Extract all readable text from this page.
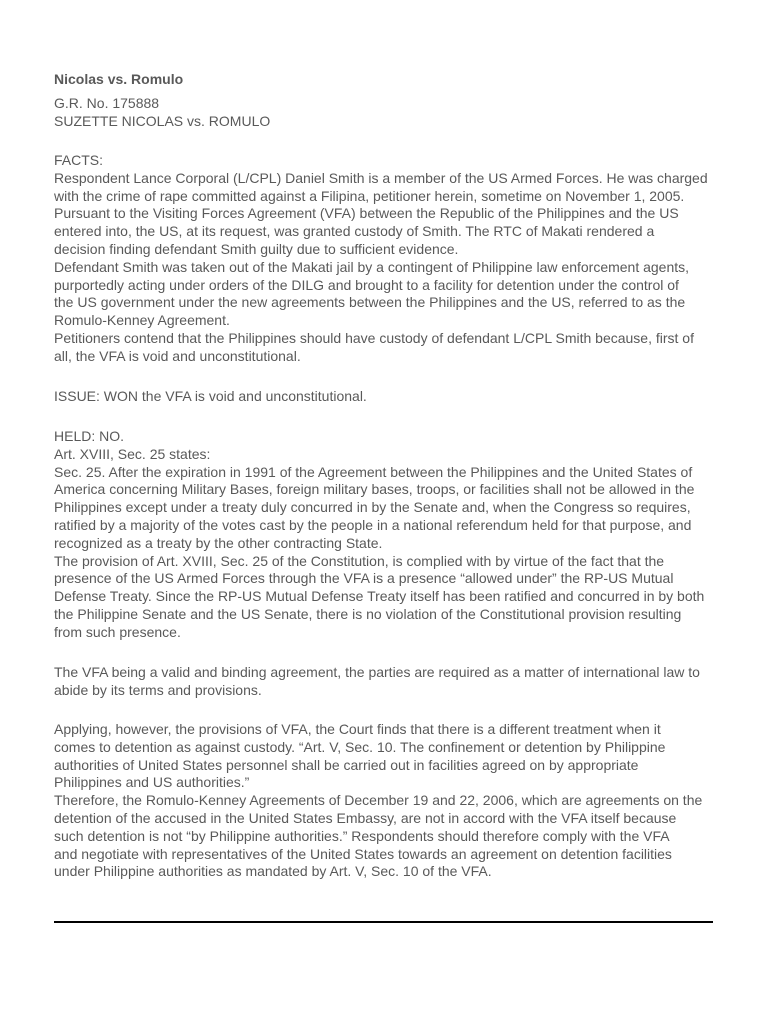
Nicolas vs. Romulo
G.R. No. 175888
SUZETTE NICOLAS vs. ROMULO
FACTS:
Respondent Lance Corporal (L/CPL) Daniel Smith is a member of the US Armed Forces. He was charged
with the crime of rape committed against a Filipina, petitioner herein, sometime on November 1, 2005.
Pursuant to the Visiting Forces Agreement (VFA) between the Republic of the Philippines and the US
entered into, the US, at its request, was granted custody of Smith. The RTC of Makati rendered a
decision finding defendant Smith guilty due to sufficient evidence.
Defendant Smith was taken out of the Makati jail by a contingent of Philippine law enforcement agents,
purportedly acting under orders of the DILG and brought to a facility for detention under the control of
the US government under the new agreements between the Philippines and the US, referred to as the
Romulo-Kenney Agreement.
Petitioners contend that the Philippines should have custody of defendant L/CPL Smith because, first of
all, the VFA is void and unconstitutional.
ISSUE: WON the VFA is void and unconstitutional.
HELD: NO.
Art. XVIII, Sec. 25 states:
Sec. 25. After the expiration in 1991 of the Agreement between the Philippines and the United States of
America concerning Military Bases, foreign military bases, troops, or facilities shall not be allowed in the
Philippines except under a treaty duly concurred in by the Senate and, when the Congress so requires,
ratified by a majority of the votes cast by the people in a national referendum held for that purpose, and
recognized as a treaty by the other contracting State.
The provision of Art. XVIII, Sec. 25 of the Constitution, is complied with by virtue of the fact that the
presence of the US Armed Forces through the VFA is a presence “allowed under” the RP-US Mutual
Defense Treaty. Since the RP-US Mutual Defense Treaty itself has been ratified and concurred in by both
the Philippine Senate and the US Senate, there is no violation of the Constitutional provision resulting
from such presence.
The VFA being a valid and binding agreement, the parties are required as a matter of international law to
abide by its terms and provisions.
Applying, however, the provisions of VFA, the Court finds that there is a different treatment when it
comes to detention as against custody. “Art. V, Sec. 10. The confinement or detention by Philippine
authorities of United States personnel shall be carried out in facilities agreed on by appropriate
Philippines and US authorities.”
Therefore, the Romulo-Kenney Agreements of December 19 and 22, 2006, which are agreements on the
detention of the accused in the United States Embassy, are not in accord with the VFA itself because
such detention is not “by Philippine authorities.” Respondents should therefore comply with the VFA
and negotiate with representatives of the United States towards an agreement on detention facilities
under Philippine authorities as mandated by Art. V, Sec. 10 of the VFA.
